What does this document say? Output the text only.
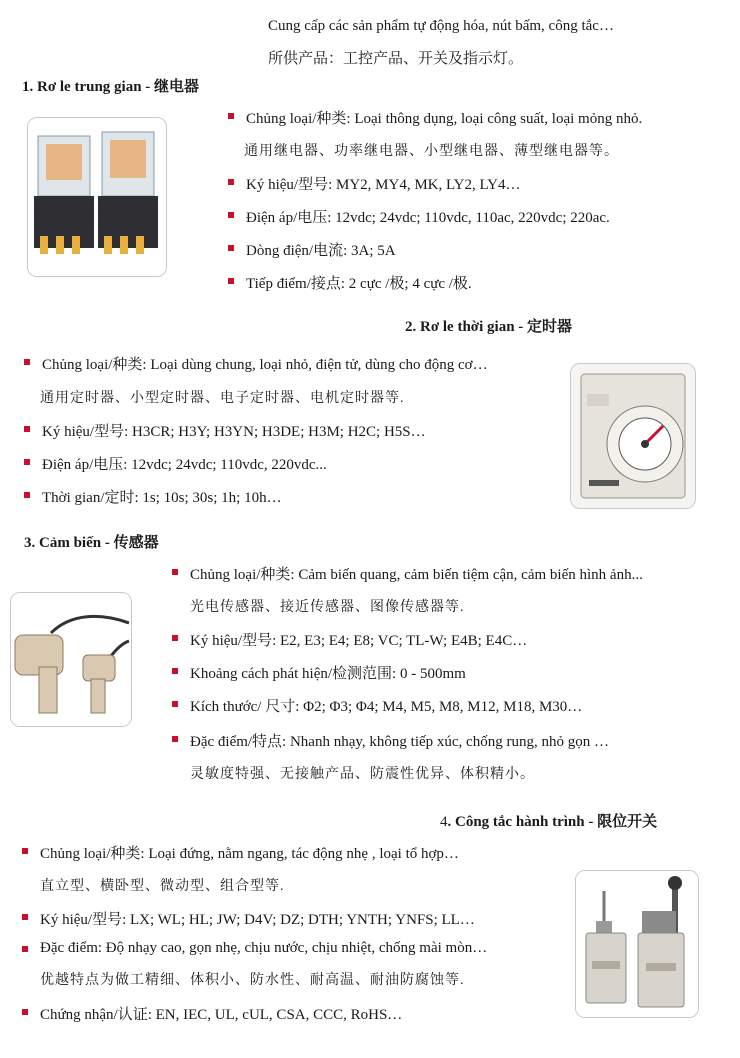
Cung cấp các sản phẩm tự động hóa, nút bấm, công tắc…
所供产品：工控产品、开关及指示灯。
1. Rơ le trung gian - 继电器
Chủng loại/种类: Loại thông dụng, loại công suất, loại mỏng nhỏ.
通用继电器、功率继电器、小型继电器、薄型继电器等。
Ký hiệu/型号: MY2, MY4, MK, LY2, LY4…
Điện áp/电压: 12vdc; 24vdc; 110vdc, 110ac, 220vdc; 220ac.
Dòng điện/电流: 3A; 5A
Tiếp điểm/接点: 2 cực /极; 4 cực /极.
2. Rơ le thời gian - 定时器
Chủng loại/种类: Loại dùng chung, loại nhỏ, điện tử, dùng cho động cơ…
通用定时器、小型定时器、电子定时器、电机定时器等.
Ký hiệu/型号: H3CR; H3Y; H3YN; H3DE; H3M; H2C; H5S…
Điện áp/电压: 12vdc; 24vdc; 110vdc, 220vdc...
Thời gian/定时: 1s; 10s; 30s; 1h; 10h…
3. Cảm biến - 传感器
Chủng loại/种类: Cảm biến quang, cảm biến tiệm cận, cảm biến hình ảnh...
光电传感器、接近传感器、图像传感器等.
Ký hiệu/型号: E2, E3; E4; E8; VC; TL-W; E4B; E4C…
Khoảng cách phát hiện/检测范围: 0 - 500mm
Kích thước/ 尺寸: Φ2; Φ3; Φ4; M4, M5, M8, M12, M18, M30…
Đặc điểm/特点: Nhanh nhạy, không tiếp xúc, chống rung, nhỏ gọn …
灵敏度特强、无接触产品、防震性优异、体积精小。
4. Công tắc hành trình - 限位开关
Chủng loại/种类: Loại đứng, nằm ngang, tác động nhẹ , loại tổ hợp…
直立型、横卧型、微动型、组合型等.
Ký hiệu/型号: LX; WL; HL; JW; D4V; DZ; DTH; YNTH; YNFS; LL…
Đặc điểm: Độ nhạy cao, gọn nhẹ, chịu nước, chịu nhiệt, chống mài mòn…
优越特点为做工精细、体积小、防水性、耐高温、耐油防腐蚀等.
Chứng nhận/认证: EN, IEC, UL, cUL, CSA, CCC, RoHS…
